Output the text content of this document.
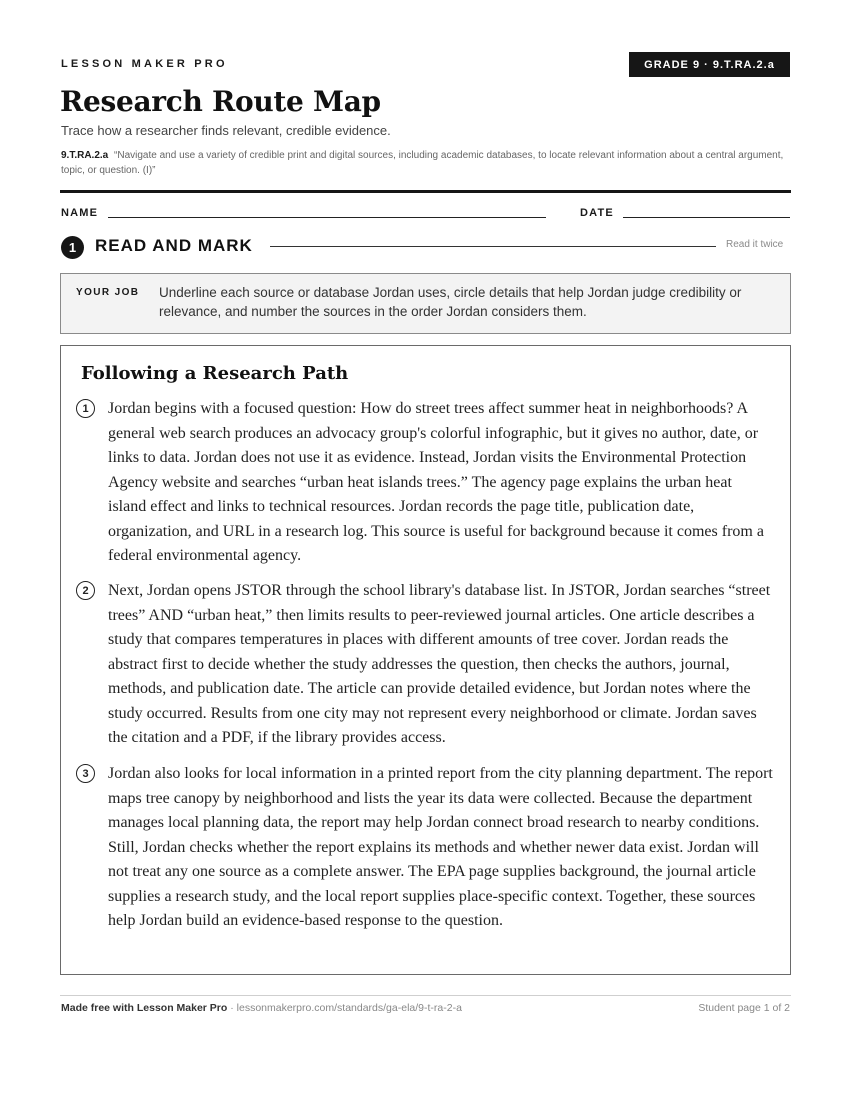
LESSON MAKER PRO	GRADE 9 · 9.T.RA.2.a
Research Route Map
Trace how a researcher finds relevant, credible evidence.
9.T.RA.2.a “Navigate and use a variety of credible print and digital sources, including academic databases, to locate relevant information about a central argument, topic, or question. (I)”
NAME	DATE
1	READ AND MARK	Read it twice
YOUR JOB Underline each source or database Jordan uses, circle details that help Jordan judge credibility or relevance, and number the sources in the order Jordan considers them.
Following a Research Path
1	Jordan begins with a focused question: How do street trees affect summer heat in neighborhoods? A general web search produces an advocacy group's colorful infographic, but it gives no author, date, or links to data. Jordan does not use it as evidence. Instead, Jordan visits the Environmental Protection Agency website and searches “urban heat islands trees.” The agency page explains the urban heat island effect and links to technical resources. Jordan records the page title, publication date, organization, and URL in a research log. This source is useful for background because it comes from a federal environmental agency.

2	Next, Jordan opens JSTOR through the school library's database list. In JSTOR, Jordan searches “street trees” AND “urban heat,” then limits results to peer-reviewed journal articles. One article describes a study that compares temperatures in places with different amounts of tree cover. Jordan reads the abstract first to decide whether the study addresses the question, then checks the authors, journal, methods, and publication date. The article can provide detailed evidence, but Jordan notes where the study occurred. Results from one city may not represent every neighborhood or climate. Jordan saves the citation and a PDF, if the library provides access.

3	Jordan also looks for local information in a printed report from the city planning department. The report maps tree canopy by neighborhood and lists the year its data were collected. Because the department manages local planning data, the report may help Jordan connect broad research to nearby conditions. Still, Jordan checks whether the report explains its methods and whether newer data exist. Jordan will not treat any one source as a complete answer. The EPA page supplies background, the journal article supplies a research study, and the local report supplies place-specific context. Together, these sources help Jordan build an evidence-based response to the question.

Made free with Lesson Maker Pro · lessonmakerpro.com/standards/ga-ela/9-t-ra-2-a	Student page 1 of 2
